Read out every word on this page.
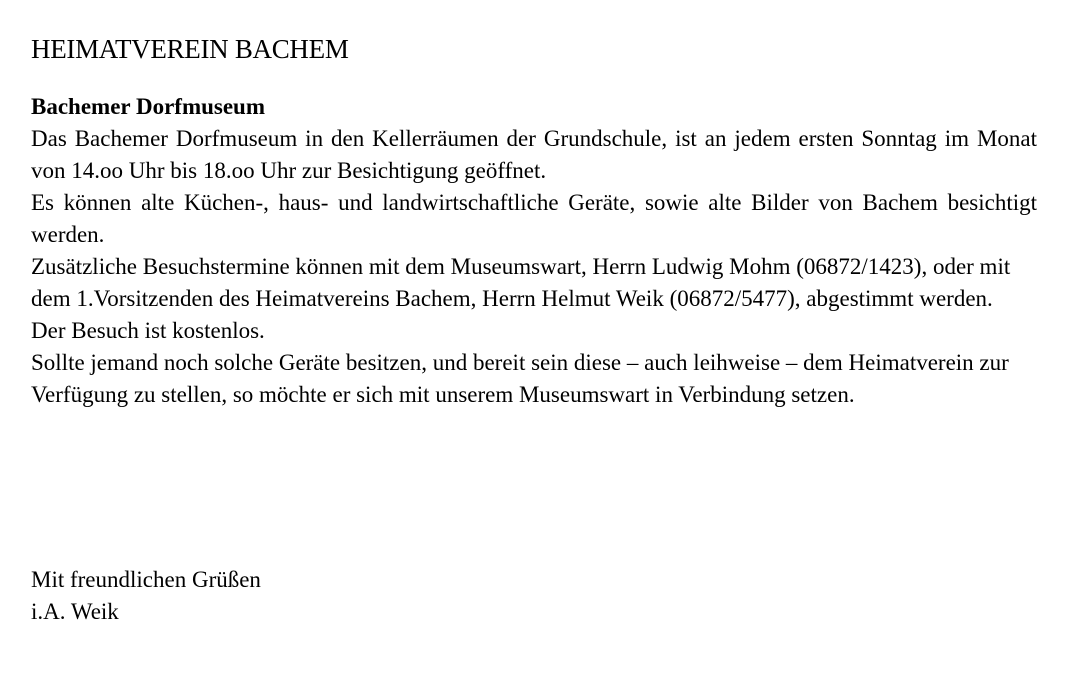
HEIMATVEREIN BACHEM

Bachemer Dorfmuseum

Das Bachemer Dorfmuseum in den Kellerräumen der Grundschule, ist an jedem ersten Sonntag im Monat von 14.oo Uhr bis 18.oo Uhr zur Besichtigung geöffnet.

Es können alte Küchen-, haus- und landwirtschaftliche Geräte, sowie alte Bilder von Bachem besichtigt werden.

Zusätzliche Besuchstermine können mit dem Museumswart, Herrn Ludwig Mohm (06872/1423), oder mit dem 1.Vorsitzenden des Heimatvereins Bachem, Herrn Helmut Weik (06872/5477), abgestimmt werden.

Der Besuch ist kostenlos.

Sollte jemand noch solche Geräte besitzen, und bereit sein diese – auch leihweise – dem Heimatverein zur Verfügung zu stellen, so möchte er sich mit unserem Museumswart in Verbindung setzen.

Mit freundlichen Grüßen
i.A. Weik
